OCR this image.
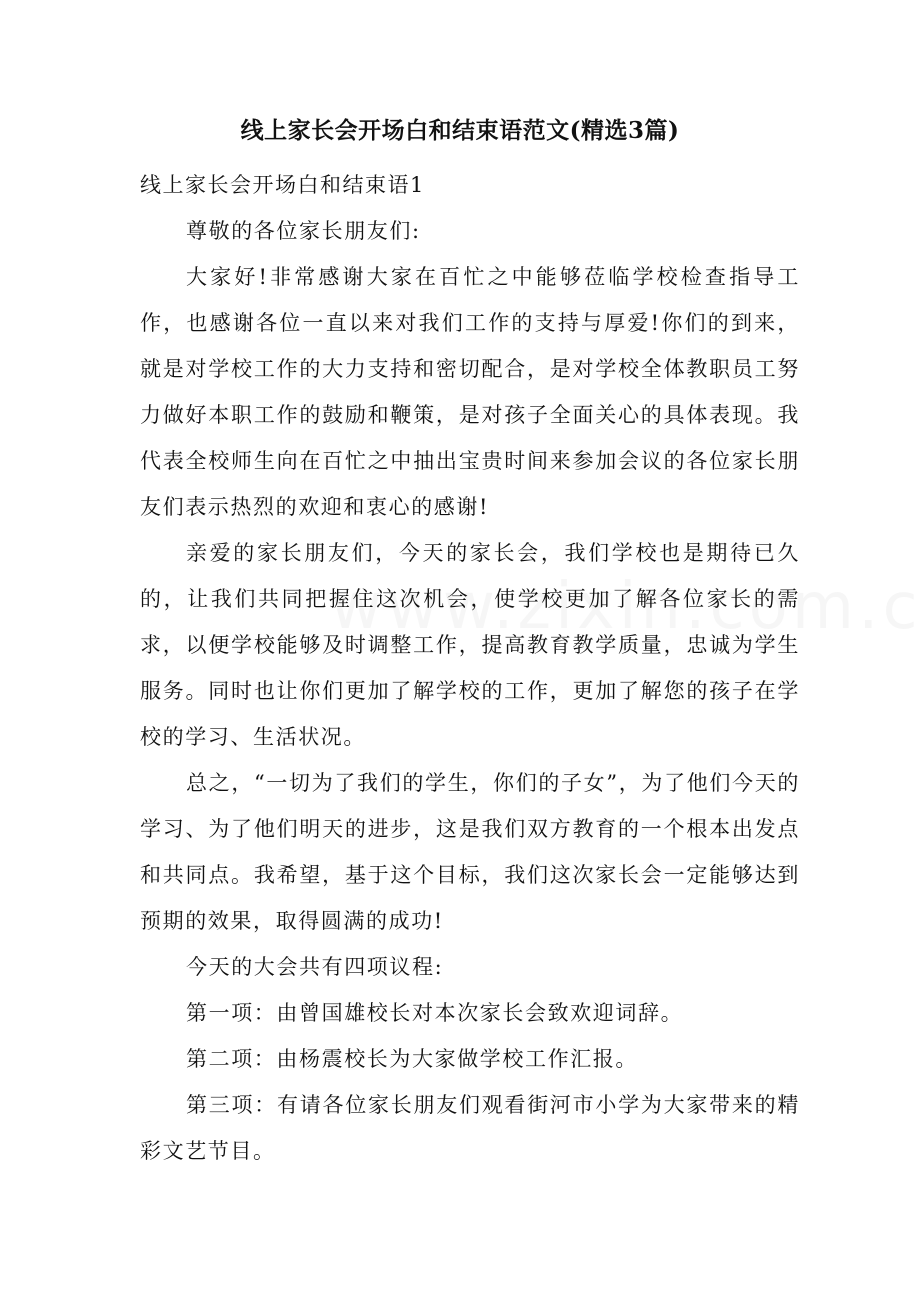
线上家长会开场白和结束语范文(精选3篇)
线上家长会开场白和结束语1

尊敬的各位家长朋友们:

大家好!非常感谢大家在百忙之中能够莅临学校检查指导工作，也感谢各位一直以来对我们工作的支持与厚爱!你们的到来，就是对学校工作的大力支持和密切配合，是对学校全体教职员工努力做好本职工作的鼓励和鞭策，是对孩子全面关心的具体表现。我代表全校师生向在百忙之中抽出宝贵时间来参加会议的各位家长朋友们表示热烈的欢迎和衷心的感谢!

亲爱的家长朋友们，今天的家长会，我们学校也是期待已久的，让我们共同把握住这次机会，使学校更加了解各位家长的需求，以便学校能够及时调整工作，提高教育教学质量，忠诚为学生服务。同时也让你们更加了解学校的工作，更加了解您的孩子在学校的学习、生活状况。

总之，“一切为了我们的学生，你们的子女”，为了他们今天的学习、为了他们明天的进步，这是我们双方教育的一个根本出发点和共同点。我希望，基于这个目标，我们这次家长会一定能够达到预期的效果，取得圆满的成功!

今天的大会共有四项议程:

第一项：由曾国雄校长对本次家长会致欢迎词辞。

第二项：由杨震校长为大家做学校工作汇报。

第三项：有请各位家长朋友们观看街河市小学为大家带来的精彩文艺节目。
